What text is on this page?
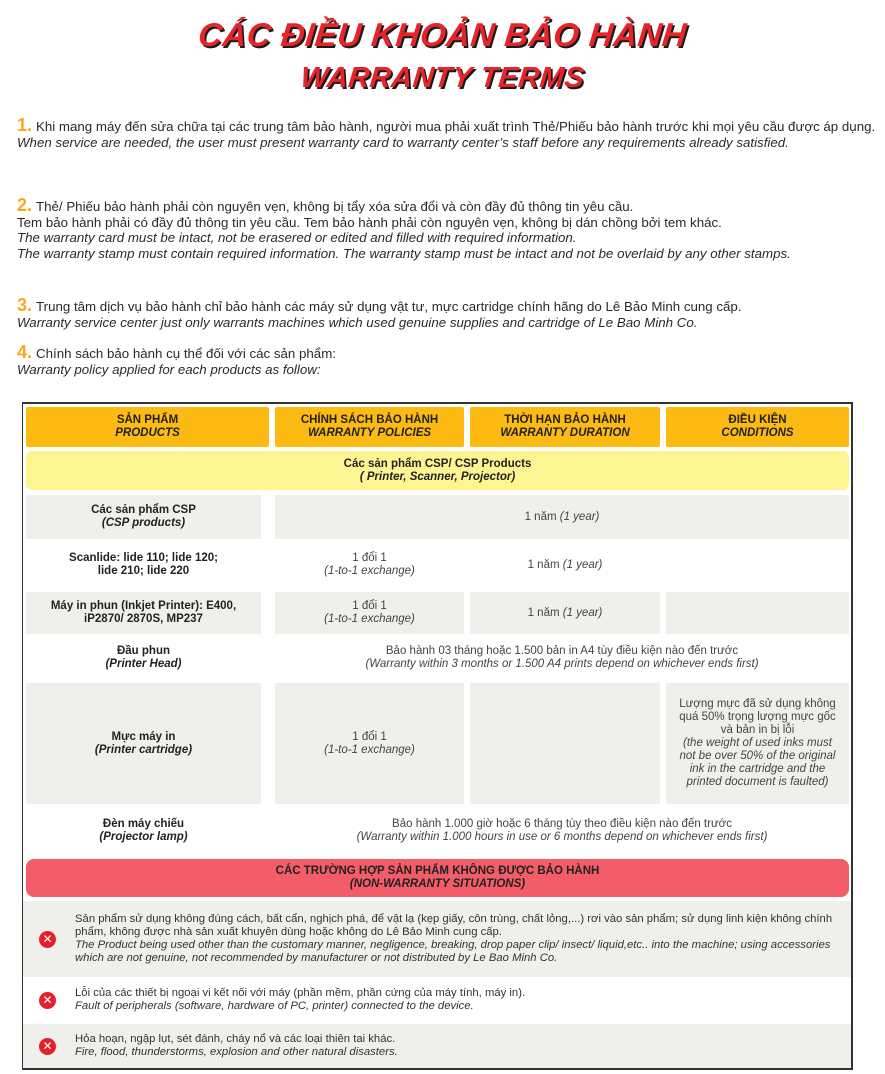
CÁC ĐIỀU KHOẢN BẢO HÀNH
WARRANTY TERMS
1. Khi mang máy đến sửa chữa tại các trung tâm bảo hành, người mua phải xuất trình Thẻ/Phiếu bảo hành trước khi mọi yêu cầu được áp dụng.
When service are needed, the user must present warranty card to warranty center’s staff before any requirements already satisfied.
2. Thẻ/ Phiếu bảo hành phải còn nguyên vẹn, không bị tẩy xóa sửa đổi và còn đầy đủ thông tin yêu cầu.
Tem bảo hành phải có đầy đủ thông tin yêu cầu. Tem bảo hành phải còn nguyên vẹn, không bị dán chồng bởi tem khác.
The warranty card must be intact, not be erasered or edited and filled with required information.
The warranty stamp must contain required information. The warranty stamp must be intact and not be overlaid by any other stamps.
3. Trung tâm dịch vụ bảo hành chỉ bảo hành các máy sử dụng vật tư, mực cartridge chính hãng do Lê Bảo Minh cung cấp.
Warranty service center just only warrants machines which used genuine supplies and cartridge of Le Bao Minh Co.
4. Chính sách bảo hành cụ thể đối với các sản phẩm:
Warranty policy applied for each products as follow:
SẢN PHẨM
PRODUCTS
CHÍNH SÁCH BẢO HÀNH
WARRANTY POLICIES
THỜI HẠN BẢO HÀNH
WARRANTY DURATION
ĐIỀU KIỆN
CONDITIONS
Các sản phẩm CSP/ CSP Products
( Printer, Scanner, Projector)
Các sản phẩm CSP
(CSP products)
1 năm (1 year)
Scanlide: lide 110; lide 120;
lide 210; lide 220
1 đổi 1
(1-to-1 exchange)
1 năm (1 year)
Máy in phun (Inkjet Printer): E400,
iP2870/ 2870S, MP237
1 đổi 1
(1-to-1 exchange)
1 năm (1 year)
Đầu phun
(Printer Head)
Bảo hành 03 tháng hoặc 1.500 bản in A4 tùy điều kiện nào đến trước
(Warranty within 3 months or 1.500 A4 prints depend on whichever ends first)
Mực máy in
(Printer cartridge)
1 đổi 1
(1-to-1 exchange)
Lượng mực đã sử dụng không quá 50% trọng lượng mực gốc và bản in bị lỗi
(the weight of used inks must not be over 50% of the original ink in the cartridge and the printed document is faulted)
Đèn máy chiếu
(Projector lamp)
Bảo hành 1.000 giờ hoặc 6 tháng tùy theo điều kiện nào đến trước
(Warranty within 1.000 hours in use or 6 months depend on whichever ends first)
CÁC TRƯỜNG HỢP SẢN PHẨM KHÔNG ĐƯỢC BẢO HÀNH
(NON-WARRANTY SITUATIONS)
✕
Sản phẩm sử dụng không đúng cách, bất cẩn, nghịch phá, để vật lạ (kẹp giấy, côn trùng, chất lỏng,...) rơi vào sản phẩm; sử dụng linh kiện không chính phẩm, không được nhà sản xuất khuyên dùng hoặc không do Lê Bảo Minh cung cấp.
The Product being used other than the customary manner, negligence, breaking, drop paper clip/ insect/ liquid,etc.. into the machine; using accessories which are not genuine, not recommended by manufacturer or not distributed by Le Bao Minh Co.
✕	Lỗi của các thiết bị ngoại vi kết nối với máy (phần mềm, phần cứng của máy tính, máy in).
Fault of peripherals (software, hardware of PC, printer) connected to the device.
✕	Hỏa hoạn, ngập lụt, sét đánh, cháy nổ và các loại thiên tai khác.
Fire, flood, thunderstorms, explosion and other natural disasters.
